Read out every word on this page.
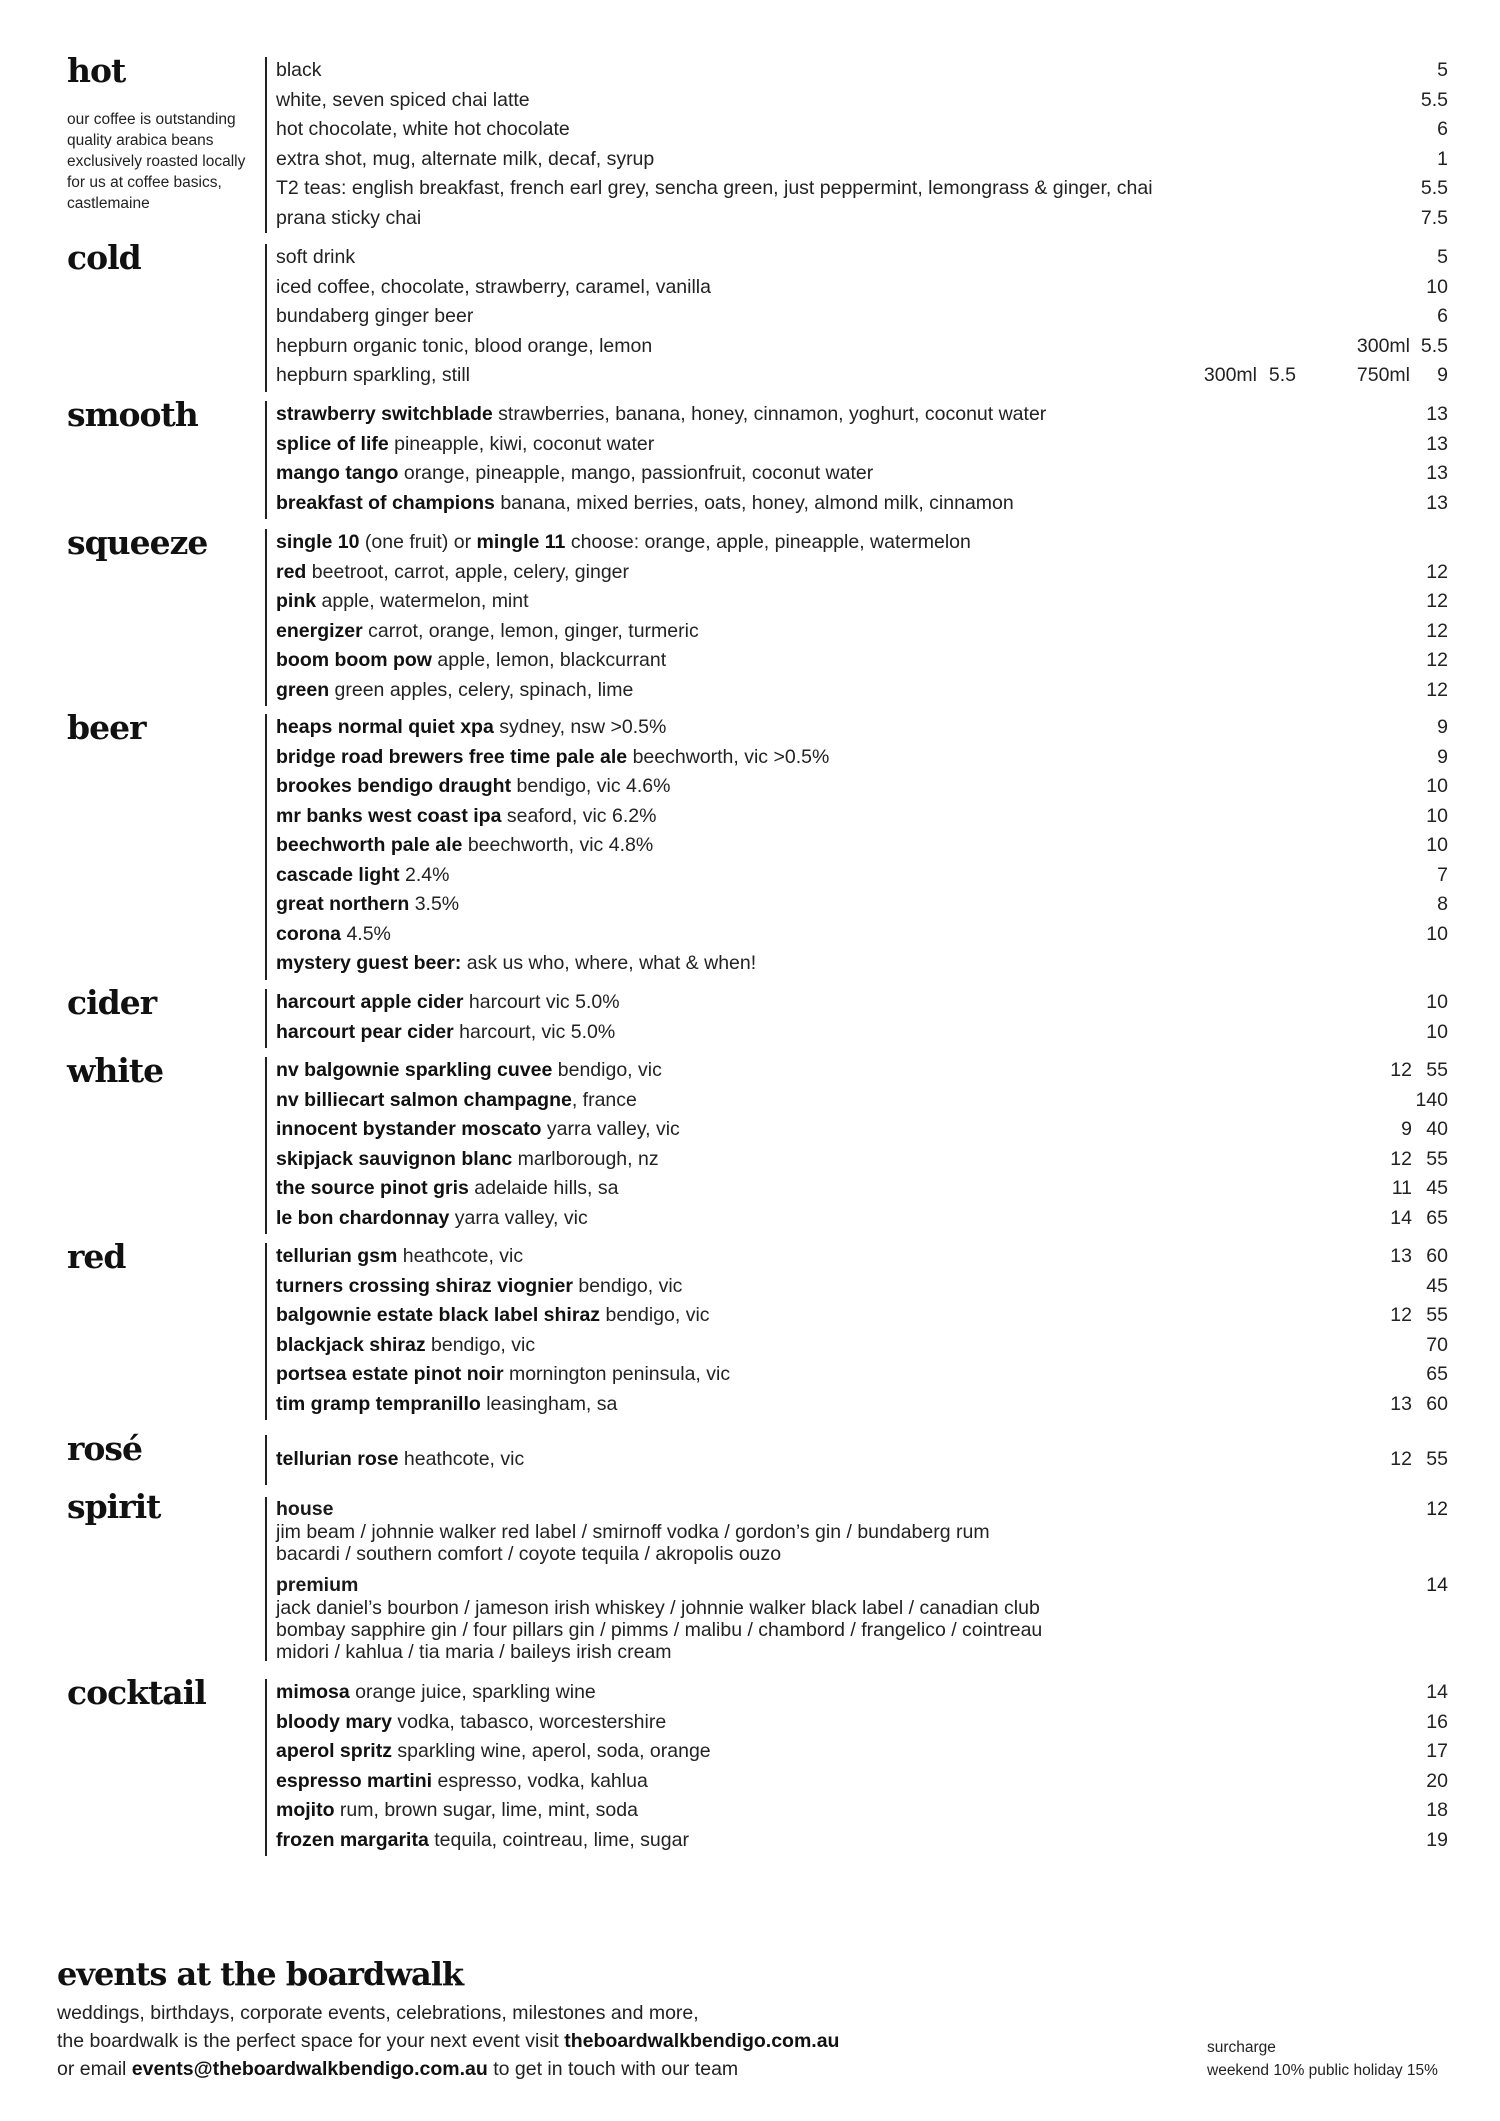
hot
our coffee is outstanding quality arabica beans exclusively roasted locally for us at coffee basics, castlemaine
black	5
white, seven spiced chai latte	5.5
hot chocolate, white hot chocolate	6
extra shot, mug, alternate milk, decaf, syrup	1
T2 teas: english breakfast, french earl grey, sencha green, just peppermint, lemongrass & ginger, chai	5.5
prana sticky chai	7.5
cold	soft drink	5
iced coffee, chocolate, strawberry, caramel, vanilla	10
bundaberg ginger beer	6
hepburn organic tonic, blood orange, lemon	300ml 5.5
hepburn sparkling, still	300ml 5.5	750ml 9
smooth	strawberry switchblade strawberries, banana, honey, cinnamon, yoghurt, coconut water	13
splice of life pineapple, kiwi, coconut water	13
mango tango orange, pineapple, mango, passionfruit, coconut water	13
breakfast of champions banana, mixed berries, oats, honey, almond milk, cinnamon	13
squeeze	single 10 (one fruit) or mingle 11 choose: orange, apple, pineapple, watermelon
red beetroot, carrot, apple, celery, ginger	12
pink apple, watermelon, mint	12
energizer carrot, orange, lemon, ginger, turmeric	12
boom boom pow apple, lemon, blackcurrant	12
green green apples, celery, spinach, lime	12
beer	heaps normal quiet xpa sydney, nsw >0.5%	9
bridge road brewers free time pale ale beechworth, vic >0.5%	9
brookes bendigo draught bendigo, vic 4.6%	10
mr banks west coast ipa seaford, vic 6.2%	10
beechworth pale ale beechworth, vic 4.8%	10
cascade light 2.4%	7
great northern 3.5%	8
corona 4.5%	10
mystery guest beer: ask us who, where, what & when!
cider	harcourt apple cider harcourt vic 5.0%	10
harcourt pear cider harcourt, vic 5.0%	10
white	nv balgownie sparkling cuvee bendigo, vic	12 55
nv billiecart salmon champagne, france	140
innocent bystander moscato yarra valley, vic	9 40
skipjack sauvignon blanc marlborough, nz	12 55
the source pinot gris adelaide hills, sa	11 45
le bon chardonnay yarra valley, vic	14 65
red	tellurian gsm heathcote, vic	13 60
turners crossing shiraz viognier bendigo, vic	45
balgownie estate black label shiraz bendigo, vic	12 55
blackjack shiraz bendigo, vic	70
portsea estate pinot noir mornington peninsula, vic	65
tim gramp tempranillo leasingham, sa	13 60
rosé	tellurian rose heathcote, vic	12 55
spirit	house	12
jim beam / johnnie walker red label / smirnoff vodka / gordon’s gin / bundaberg rum
bacardi / southern comfort / coyote tequila / akropolis ouzo
premium	14
jack daniel’s bourbon / jameson irish whiskey / johnnie walker black label / canadian club
bombay sapphire gin / four pillars gin / pimms / malibu / chambord / frangelico / cointreau
midori / kahlua / tia maria / baileys irish cream
cocktail	mimosa orange juice, sparkling wine	14
bloody mary vodka, tabasco, worcestershire	16
aperol spritz sparkling wine, aperol, soda, orange	17
espresso martini espresso, vodka, kahlua	20
mojito rum, brown sugar, lime, mint, soda	18
frozen margarita tequila, cointreau, lime, sugar	19
events at the boardwalk
weddings, birthdays, corporate events, celebrations, milestones and more,
the boardwalk is the perfect space for your next event visit theboardwalkbendigo.com.au
or email events@theboardwalkbendigo.com.au to get in touch with our team
surcharge
weekend 10% public holiday 15%
